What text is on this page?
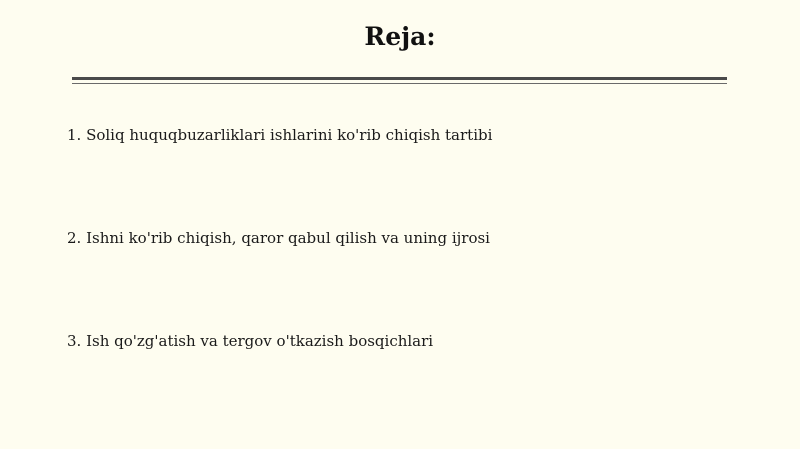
Reja:
1. Soliq huquqbuzarliklari ishlarini ko'rib chiqish tartibi
2. Ishni ko'rib chiqish, qaror qabul qilish va uning ijrosi
3. Ish qo'zg'atish va tergov o'tkazish bosqichlari
